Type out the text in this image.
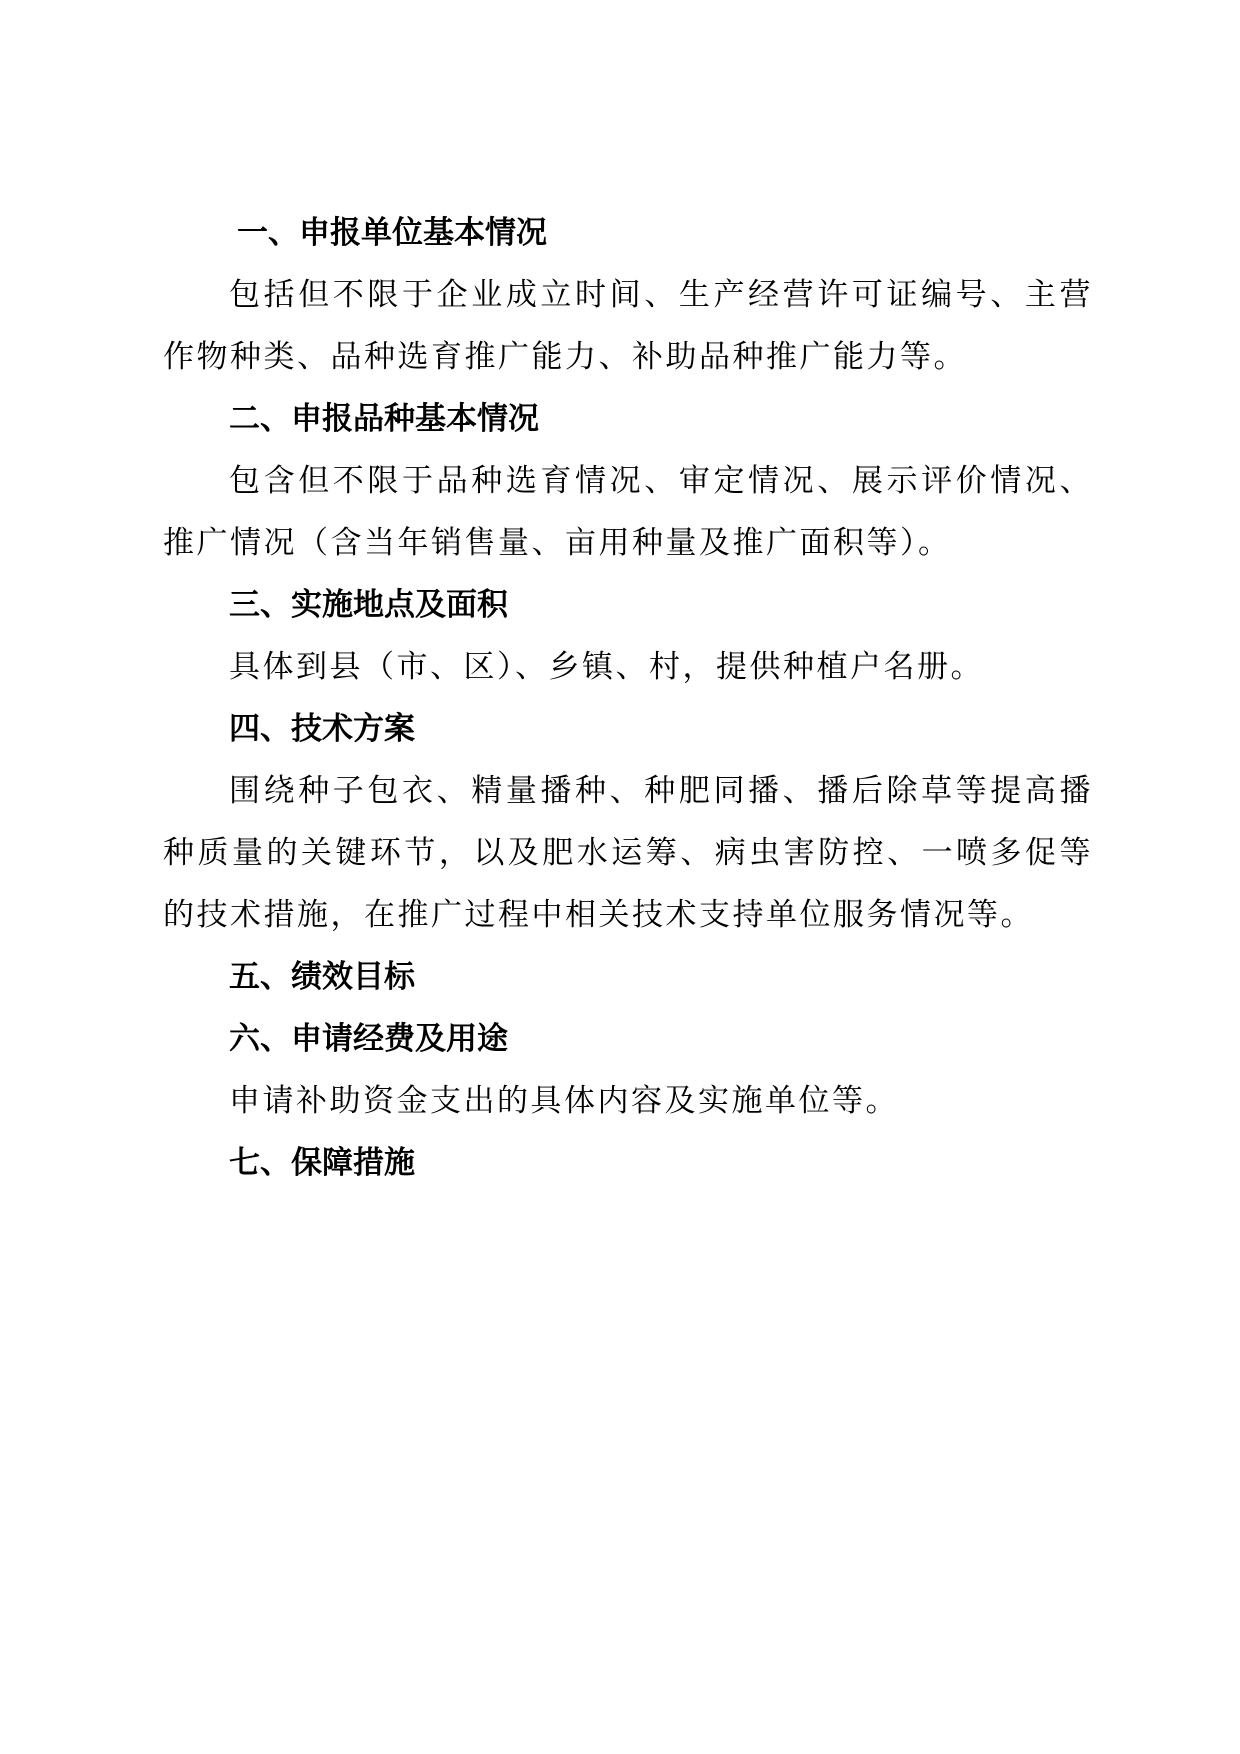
一、申报单位基本情况

包括但不限于企业成立时间、生产经营许可证编号、主营作物种类、品种选育推广能力、补助品种推广能力等。

二、申报品种基本情况

包含但不限于品种选育情况、审定情况、展示评价情况、推广情况（含当年销售量、亩用种量及推广面积等）。

三、实施地点及面积

具体到县（市、区）、乡镇、村，提供种植户名册。

四、技术方案

围绕种子包衣、精量播种、种肥同播、播后除草等提高播种质量的关键环节，以及肥水运筹、病虫害防控、一喷多促等的技术措施，在推广过程中相关技术支持单位服务情况等。

五、绩效目标
六、申请经费及用途

申请补助资金支出的具体内容及实施单位等。

七、保障措施
